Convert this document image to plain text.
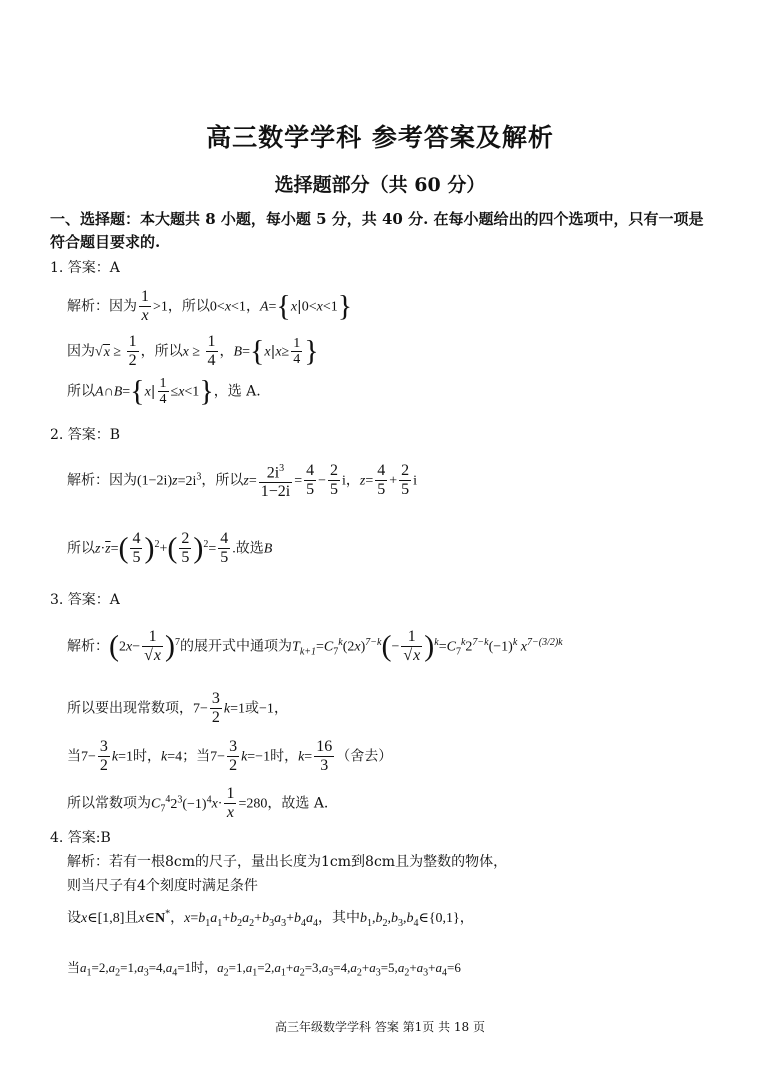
高三数学学科 参考答案及解析
选择题部分（共 60 分）
一、选择题：本大题共 8 小题，每小题 5 分，共 40 分. 在每小题给出的四个选项中，只有一项是符合题目要求的.
1. 答案：A
解析：因为 $\frac{1}{x} >1$，所以0<x<1，A={x|0<x<1}
因为$√x \ge \frac{1}{2}$ ，所以$x \ge \frac{1}{4}$ ，$B=\{x|x\ge \frac{1}{4}$ }
所以A∩B={x| $\frac{1}{4} \le x<1$}，选 A.
2. 答案：B
解析：因为$(1-2i)z=2i^3$，所以$z= \frac{2i^3}{1-2i} = \frac{4}{5} - \frac{2}{5}$ i，$z= \frac{4}{5} + \frac{2}{5}$ i
所以$z\cdot\overline{z}=( \frac{4}{5} )^2+( \frac{2}{5} )^2= \frac{4}{5}$ .故选B
3. 答案：A
解析：$(2x- \frac{1}{√x} )^7$的展开式中通项为$T_{k+1}=C_7^k(2x)^{7-k}(- \frac{1}{√x} )^k=C_7^k2^{7-k}(-1)^k$ $x^{7-(3/2)k}$
所以要出现常数项，$7- \frac{3}{2} k=1$或−1，
当$7- \frac{3}{2} k=1$时，k=4；当$7- \frac{3}{2} k=-1$时，$k= \frac{16}{3}$ （舍去）
所以常数项为$C_7^42^3(-1)^4x\cdot \frac{1}{x} =280$，故选 A.
4. 答案:B
解析：若有一根8cm的尺子，量出长度为1cm到8cm且为整数的物体，
则当尺子有4个刻度时满足条件
设x∈[1,8]且x∈N*，$x=b_1a_1+b_2a_2+b_3a_3+b_4a_4$，其中$b_1,b_2,b_3,b_4\in\{0,1\}$，
当$a_1=2,a_2=1,a_3=4,a_4=1$时，$a_2=1,a_1=2,a_1+a_2=3,a_3=4,a_2+a_3=5,a_2+a_3+a_4=6$
高三年级数学学科 答案 第1页 共 18 页
